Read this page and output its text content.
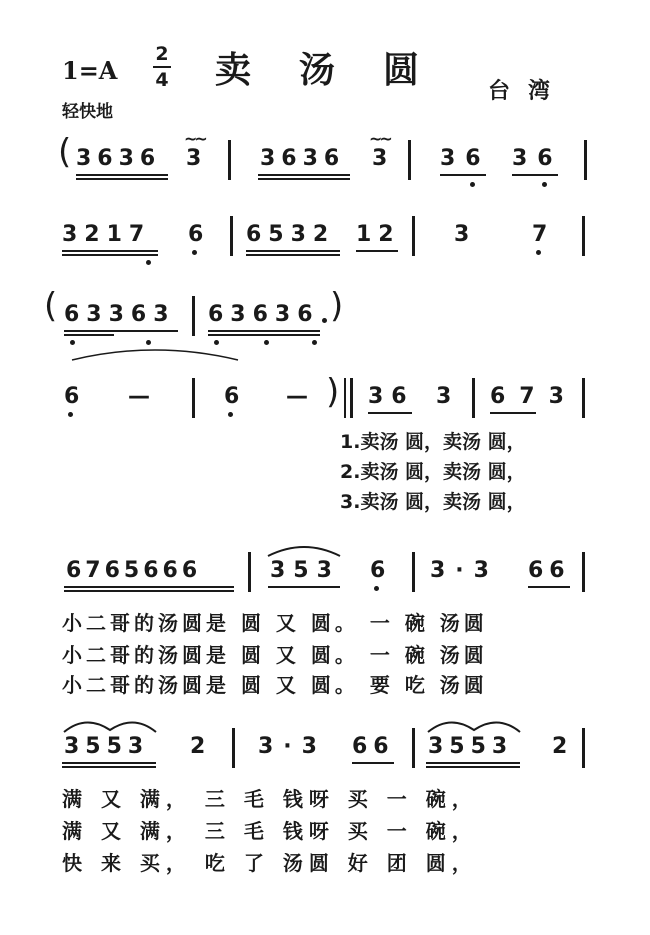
1=A
2
4 卖汤圆
台湾
轻快地
( 3636 3
~~
3636 3
~~
36 36
3217 6 6532 12 3	7
( 63363 63636 )
6 —	6 — ) 36 3 673
1.卖汤 圆，卖汤 圆，
2.卖汤 圆，卖汤 圆，
3.卖汤 圆，卖汤 圆，
6765666	353 6 3·3 66
小二哥的汤圆是 圆 又 圆。 一 碗 汤圆
小二哥的汤圆是 圆 又 圆。 一 碗 汤圆
小二哥的汤圆是 圆 又 圆。 要 吃 汤圆
3553 2 3·3 66 3553 2
满 又 满， 三 毛 钱呀 买 一 碗，
满 又 满， 三 毛 钱呀 买 一 碗，
快 来 买， 吃 了 汤圆 好 团 圆，
